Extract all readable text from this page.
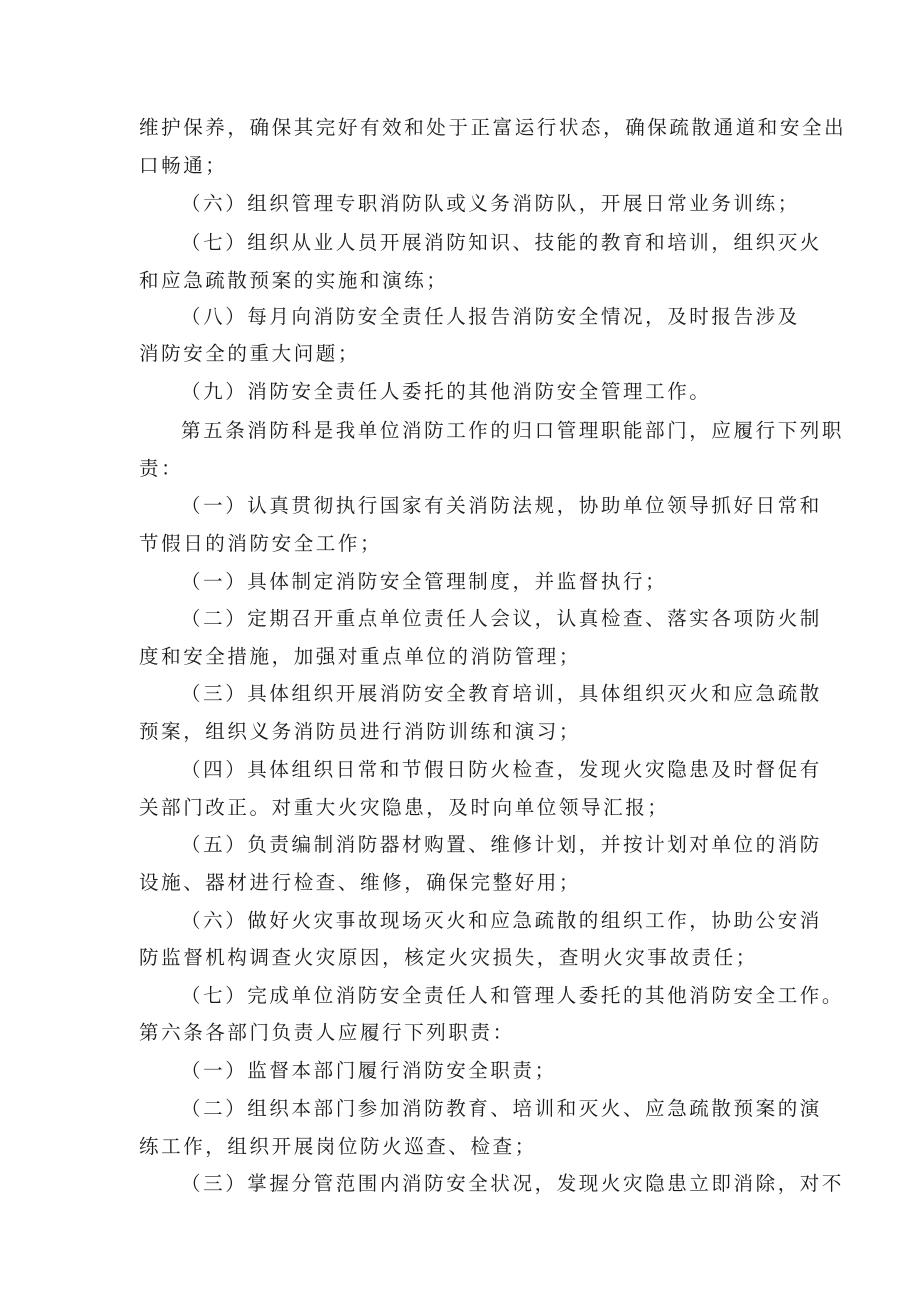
维护保养，确保其完好有效和处于正富运行状态，确保疏散通道和安全出
口畅通；
（六）组织管理专职消防队或义务消防队，开展日常业务训练；
（七）组织从业人员开展消防知识、技能的教育和培训，组织灭火
和应急疏散预案的实施和演练；
（八）每月向消防安全责任人报告消防安全情况，及时报告涉及
消防安全的重大问题；
（九）消防安全责任人委托的其他消防安全管理工作。
第五条消防科是我单位消防工作的归口管理职能部门，应履行下列职
责：
（一）认真贯彻执行国家有关消防法规，协助单位领导抓好日常和
节假日的消防安全工作；
（一）具体制定消防安全管理制度，并监督执行；
（二）定期召开重点单位责任人会议，认真检查、落实各项防火制
度和安全措施，加强对重点单位的消防管理；
（三）具体组织开展消防安全教育培训，具体组织灭火和应急疏散
预案，组织义务消防员进行消防训练和演习；
（四）具体组织日常和节假日防火检查，发现火灾隐患及时督促有
关部门改正。对重大火灾隐患，及时向单位领导汇报；
（五）负责编制消防器材购置、维修计划，并按计划对单位的消防
设施、器材进行检查、维修，确保完整好用；
（六）做好火灾事故现场灭火和应急疏散的组织工作，协助公安消
防监督机构调查火灾原因，核定火灾损失，查明火灾事故责任；
（七）完成单位消防安全责任人和管理人委托的其他消防安全工作。
第六条各部门负责人应履行下列职责：
（一）监督本部门履行消防安全职责；
（二）组织本部门参加消防教育、培训和灭火、应急疏散预案的演
练工作，组织开展岗位防火巡查、检查；
（三）掌握分管范围内消防安全状况，发现火灾隐患立即消除，对不
